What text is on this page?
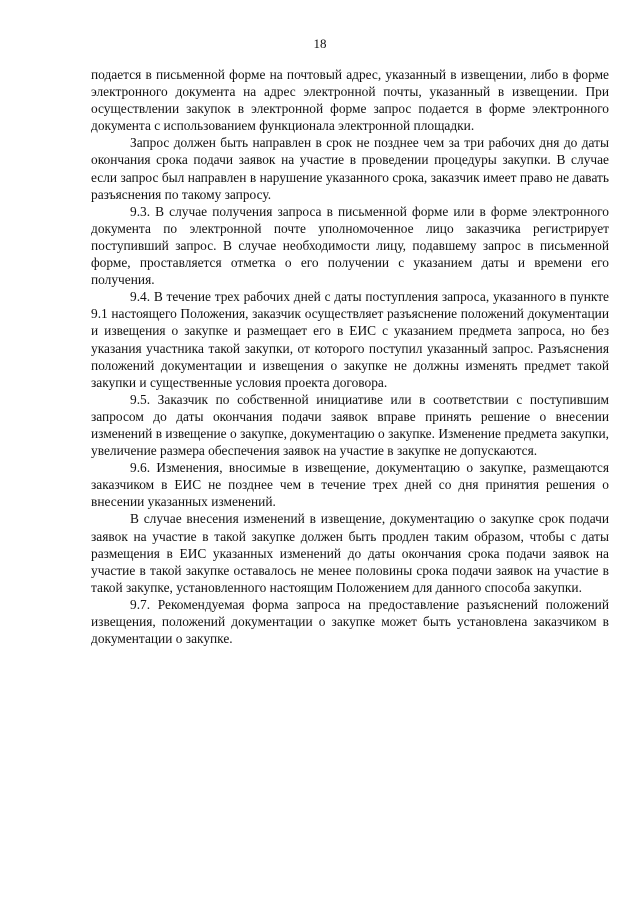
18

подается в письменной форме на почтовый адрес, указанный в извещении, либо в форме электронного документа на адрес электронной почты, указанный в извещении. При осуществлении закупок в электронной форме запрос подается в форме электронного документа с использованием функционала электронной площадки.

Запрос должен быть направлен в срок не позднее чем за три рабочих дня до даты окончания срока подачи заявок на участие в проведении процедуры закупки. В случае если запрос был направлен в нарушение указанного срока, заказчик имеет право не давать разъяснения по такому запросу.

9.3. В случае получения запроса в письменной форме или в форме электронного документа по электронной почте уполномоченное лицо заказчика регистрирует поступивший запрос. В случае необходимости лицу, подавшему запрос в письменной форме, проставляется отметка о его получении с указанием даты и времени его получения.

9.4. В течение трех рабочих дней с даты поступления запроса, указанного в пункте 9.1 настоящего Положения, заказчик осуществляет разъяснение положений документации и извещения о закупке и размещает его в ЕИС с указанием предмета запроса, но без указания участника такой закупки, от которого поступил указанный запрос. Разъяснения положений документации и извещения о закупке не должны изменять предмет такой закупки и существенные условия проекта договора.

9.5. Заказчик по собственной инициативе или в соответствии с поступившим запросом до даты окончания подачи заявок вправе принять решение о внесении изменений в извещение о закупке, документацию о закупке. Изменение предмета закупки, увеличение размера обеспечения заявок на участие в закупке не допускаются.

9.6. Изменения, вносимые в извещение, документацию о закупке, размещаются заказчиком в ЕИС не позднее чем в течение трех дней со дня принятия решения о внесении указанных изменений.

В случае внесения изменений в извещение, документацию о закупке срок подачи заявок на участие в такой закупке должен быть продлен таким образом, чтобы с даты размещения в ЕИС указанных изменений до даты окончания срока подачи заявок на участие в такой закупке оставалось не менее половины срока подачи заявок на участие в такой закупке, установленного настоящим Положением для данного способа закупки.

9.7. Рекомендуемая форма запроса на предоставление разъяснений положений извещения, положений документации о закупке может быть установлена заказчиком в документации о закупке.
